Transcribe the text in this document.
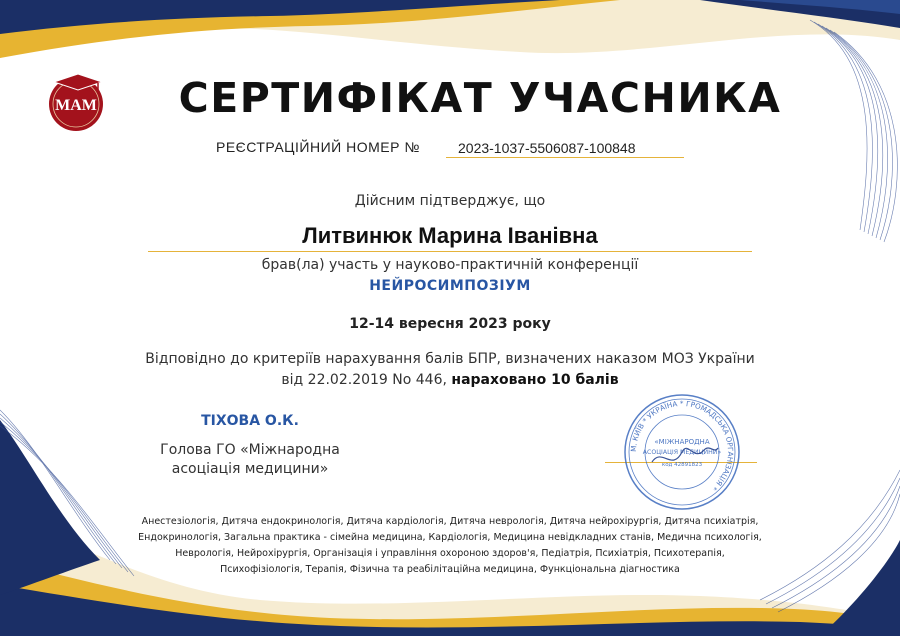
MAM	СЕРТИФІКАТ УЧАСНИКА
РЕЄСТРАЦІЙНИЙ НОМЕР №	2023-1037-5506087-100848
Дійсним підтверджує, що
Литвинюк Марина Іванівна
брав(ла) участь у науково-практичній конференції
НЕЙРОСИМПОЗІУМ
12-14 вересня 2023 року
Відповідно до критеріїв нарахування балів БПР, визначених наказом МОЗ України
від 22.02.2019 No 446, нараховано 10 балів
ТІХОВА О.К.
Голова ГО «Міжнародна
асоціація медицини»
М. КИЇВ * УКРАЇНА * ГРОМАДСЬКА ОРГАНІЗАЦІЯ *
«МІЖНАРОДНА
АСОЦІАЦІЯ МЕДИЦИНИ»
код 42891823
Анестезіологія, Дитяча ендокринологія, Дитяча кардіологія, Дитяча неврологія, Дитяча нейрохірургія, Дитяча психіатрія,
Ендокринологія, Загальна практика - сімейна медицина, Кардіологія, Медицина невідкладних станів, Медична психологія,
Неврологія, Нейрохірургія, Організація і управління охороною здоров'я, Педіатрія, Психіатрія, Психотерапія,
Психофізіологія, Терапія, Фізична та реабілітаційна медицина, Функціональна діагностика
